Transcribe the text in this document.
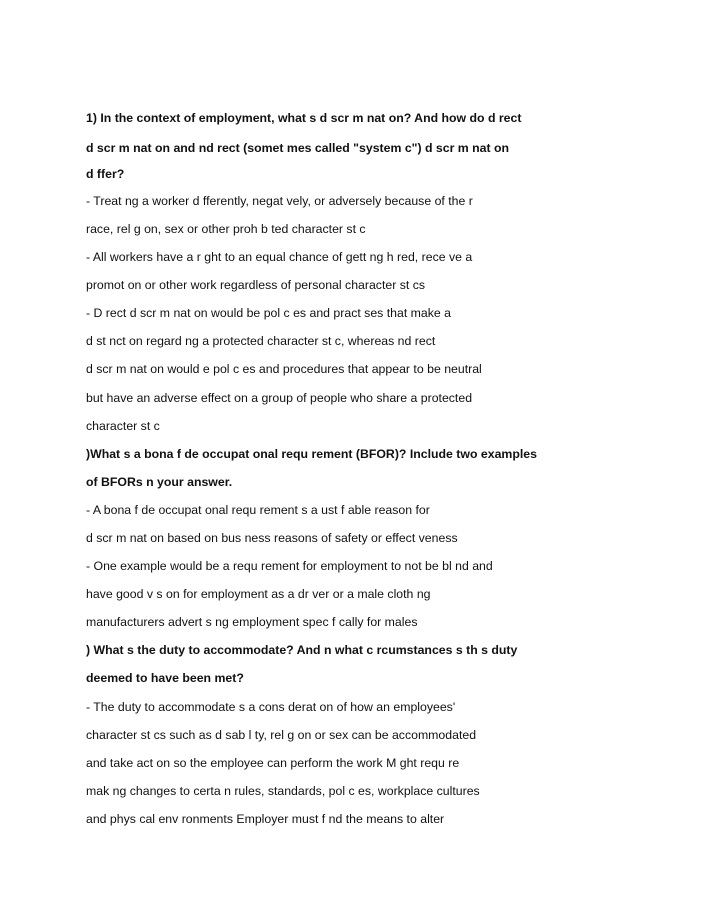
1) In the context of employment, what s d scr m nat on? And how do d rect
d scr m nat on and nd rect (somet mes called "system c") d scr m nat on
d ffer?
- Treat ng a worker d fferently, negat vely, or adversely because of the r
race, rel g on, sex or other proh b ted character st c
- All workers have a r ght to an equal chance of gett ng h red, rece ve a
promot on or other work regardless of personal character st cs
- D rect d scr m nat on would be pol c es and pract ses that make a
d st nct on regard ng a protected character st c, whereas nd rect
d scr m nat on would e pol c es and procedures that appear to be neutral
but have an adverse effect on a group of people who share a protected
character st c
)What s a bona f de occupat onal requ rement (BFOR)? Include two examples
of BFORs n your answer.
- A bona f de occupat onal requ rement s a ust f able reason for
d scr m nat on based on bus ness reasons of safety or effect veness
- One example would be a requ rement for employment to not be bl nd and
have good v s on for employment as a dr ver or a male cloth ng
manufacturers advert s ng employment spec f cally for males
) What s the duty to accommodate? And n what c rcumstances s th s duty
deemed to have been met?
- The duty to accommodate s a cons derat on of how an employees'
character st cs such as d sab l ty, rel g on or sex can be accommodated
and take act on so the employee can perform the work M ght requ re
mak ng changes to certa n rules, standards, pol c es, workplace cultures
and phys cal env ronments Employer must f nd the means to alter
